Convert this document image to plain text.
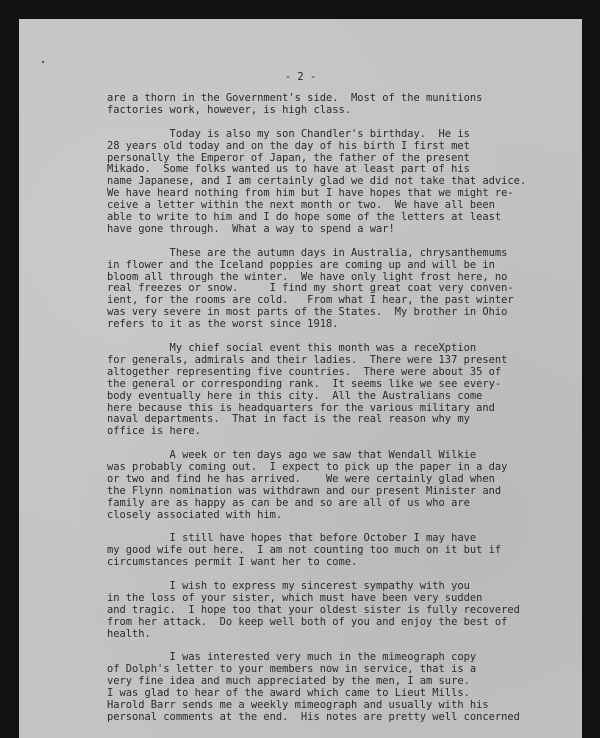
- 2 -
are a thorn in the Government's side.  Most of the munitions
factories work, however, is high class.
Today is also my son Chandler's birthday.  He is
28 years old today and on the day of his birth I first met
personally the Emperor of Japan, the father of the present
Mikado.  Some folks wanted us to have at least part of his
name Japanese, and I am certainly glad we did not take that advice.
We have heard nothing from him but I have hopes that we might re-
ceive a letter within the next month or two.  We have all been
able to write to him and I do hope some of the letters at least
have gone through.  What a way to spend a war!
These are the autumn days in Australia, chrysanthemums
in flower and the Iceland poppies are coming up and will be in
bloom all through the winter.  We have only light frost here, no
real freezes or snow.     I find my short great coat very conven-
ient, for the rooms are cold.   From what I hear, the past winter
was very severe in most parts of the States.  My brother in Ohio
refers to it as the worst since 1918.
My chief social event this month was a receXption
for generals, admirals and their ladies.  There were 137 present
altogether representing five countries.  There were about 35 of
the general or corresponding rank.  It seems like we see every-
body eventually here in this city.  All the Australians come
here because this is headquarters for the various military and
naval departments.  That in fact is the real reason why my
office is here.
A week or ten days ago we saw that Wendall Wilkie
was probably coming out.  I expect to pick up the paper in a day
or two and find he has arrived.    We were certainly glad when
the Flynn nomination was withdrawn and our present Minister and
family are as happy as can be and so are all of us who are
closely associated with him.
I still have hopes that before October I may have
my good wife out here.  I am not counting too much on it but if
circumstances permit I want her to come.
I wish to express my sincerest sympathy with you
in the loss of your sister, which must have been very sudden
and tragic.  I hope too that your oldest sister is fully recovered
from her attack.  Do keep well both of you and enjoy the best of
health.
I was interested very much in the mimeograph copy
of Dolph's letter to your members now in service, that is a
very fine idea and much appreciated by the men, I am sure.
I was glad to hear of the award which came to Lieut Mills.
Harold Barr sends me a weekly mimeograph and usually with his
personal comments at the end.  His notes are pretty well concerned
